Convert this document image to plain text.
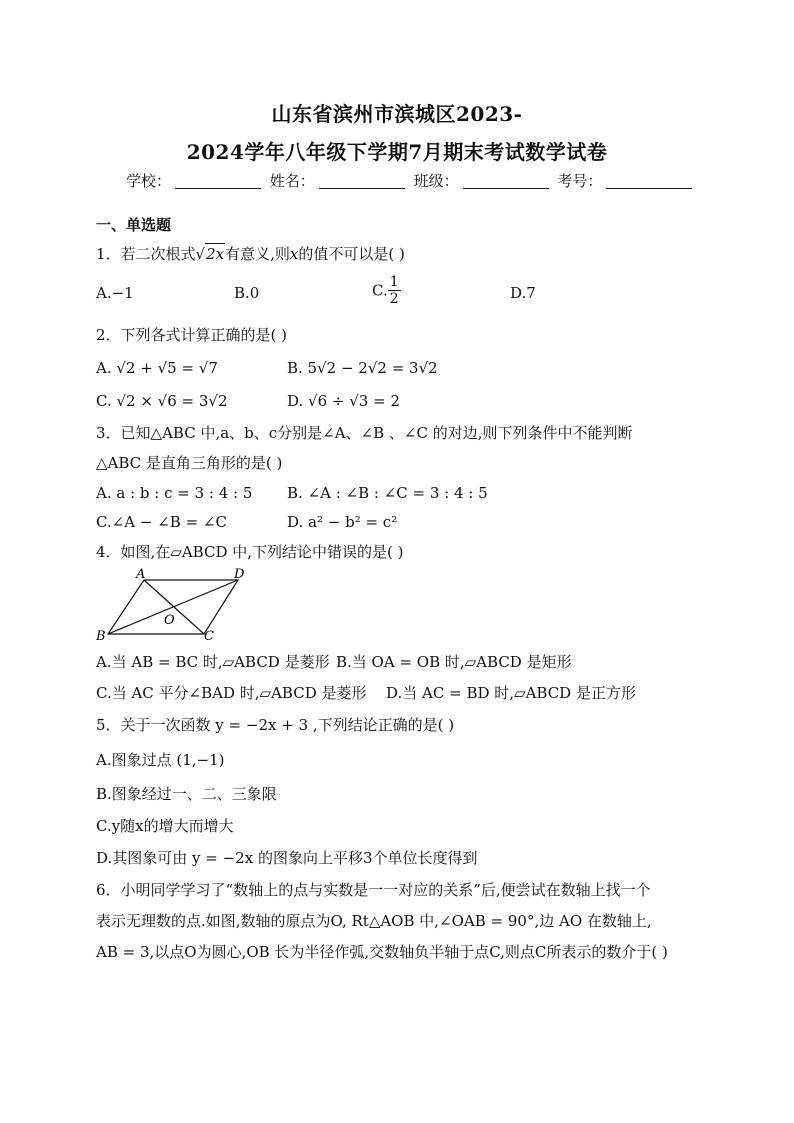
山东省滨州市滨城区2023-
2024学年八年级下学期7月期末考试数学试卷
学校：	姓名：	班级：	考号：
一、单选题
1．若二次根式√2x有意义,则x的值不可以是( )
A.−1	B.0	C. $\frac{1}{2}$	D.7
2．下列各式计算正确的是( )
A. √2 + √5 = √7	B. 5√2 − 2√2 = 3√2
C. √2 × √6 = 3√2	D. √6 ÷ √3 = 2
3．已知△ABC 中,a、b、c分别是∠A、∠B 、∠C 的对边,则下列条件中不能判断
△ABC 是直角三角形的是( )
A. a : b : c = 3 : 4 : 5 B. ∠A : ∠B : ∠C = 3 : 4 : 5
C.∠A − ∠B = ∠C	D. a² − b² = c²
4．如图,在▱ABCD 中,下列结论中错误的是( )
A	D
B	C
O
A.当 AB = BC 时,▱ABCD 是菱形 B.当 OA = OB 时,▱ABCD 是矩形
C.当 AC 平分∠BAD 时,▱ABCD 是菱形 D.当 AC = BD 时,▱ABCD 是正方形
5．关于一次函数 y = −2x + 3 ,下列结论正确的是( )
A.图象过点 (1,−1)
B.图象经过一、二、三象限
C.y随x的增大而增大
D.其图象可由 y = −2x 的图象向上平移3个单位长度得到
6．小明同学学习了“数轴上的点与实数是一一对应的关系”后,便尝试在数轴上找一个
表示无理数的点.如图,数轴的原点为O, Rt△AOB 中,∠OAB = 90°,边 AO 在数轴上,
AB = 3,以点O为圆心,OB 长为半径作弧,交数轴负半轴于点C,则点C所表示的数介于( )
